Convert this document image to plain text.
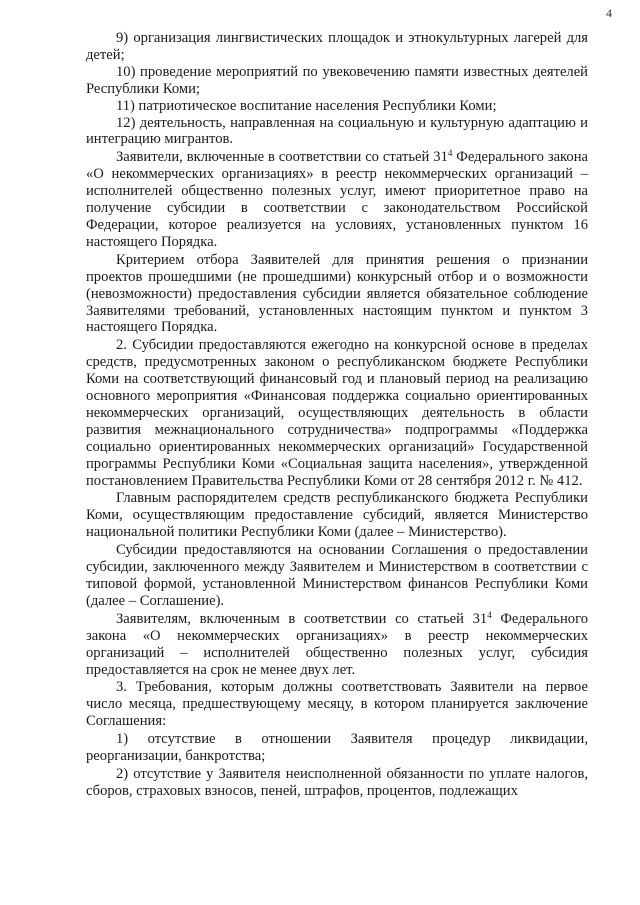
4

9) организация лингвистических площадок и этнокультурных лагерей для детей;

10) проведение мероприятий по увековечению памяти известных деятелей Республики Коми;

11) патриотическое воспитание населения Республики Коми;

12) деятельность, направленная на социальную и культурную адаптацию и интеграцию мигрантов.

Заявители, включенные в соответствии со статьей $31^4$ Федерального закона «О некоммерческих организациях» в реестр некоммерческих организаций – исполнителей общественно полезных услуг, имеют приоритетное право на получение субсидии в соответствии с законодательством Российской Федерации, которое реализуется на условиях, установленных пунктом 16 настоящего Порядка.

Критерием отбора Заявителей для принятия решения о признании проектов прошедшими (не прошедшими) конкурсный отбор и о возможности (невозможности) предоставления субсидии является обязательное соблюдение Заявителями требований, установленных настоящим пунктом и пунктом 3 настоящего Порядка.

2. Субсидии предоставляются ежегодно на конкурсной основе в пределах средств, предусмотренных законом о республиканском бюджете Республики Коми на соответствующий финансовый год и плановый период на реализацию основного мероприятия «Финансовая поддержка социально ориентированных некоммерческих организаций, осуществляющих деятельность в области развития межнационального сотрудничества» подпрограммы «Поддержка социально ориентированных некоммерческих организаций» Государственной программы Республики Коми «Социальная защита населения», утвержденной постановлением Правительства Республики Коми от 28 сентября 2012 г. № 412.

Главным распорядителем средств республиканского бюджета Республики Коми, осуществляющим предоставление субсидий, является Министерство национальной политики Республики Коми (далее – Министерство).

Субсидии предоставляются на основании Соглашения о предоставлении субсидии, заключенного между Заявителем и Министерством в соответствии с типовой формой, установленной Министерством финансов Республики Коми (далее – Соглашение).

Заявителям, включенным в соответствии со статьей $31^4$ Федерального закона «О некоммерческих организациях» в реестр некоммерческих организаций – исполнителей общественно полезных услуг, субсидия предоставляется на срок не менее двух лет.

3. Требования, которым должны соответствовать Заявители на первое число месяца, предшествующему месяцу, в котором планируется заключение Соглашения:

1) отсутствие в отношении Заявителя процедур ликвидации, реорганизации, банкротства;

2) отсутствие у Заявителя неисполненной обязанности по уплате налогов, сборов, страховых взносов, пеней, штрафов, процентов, подлежащих
